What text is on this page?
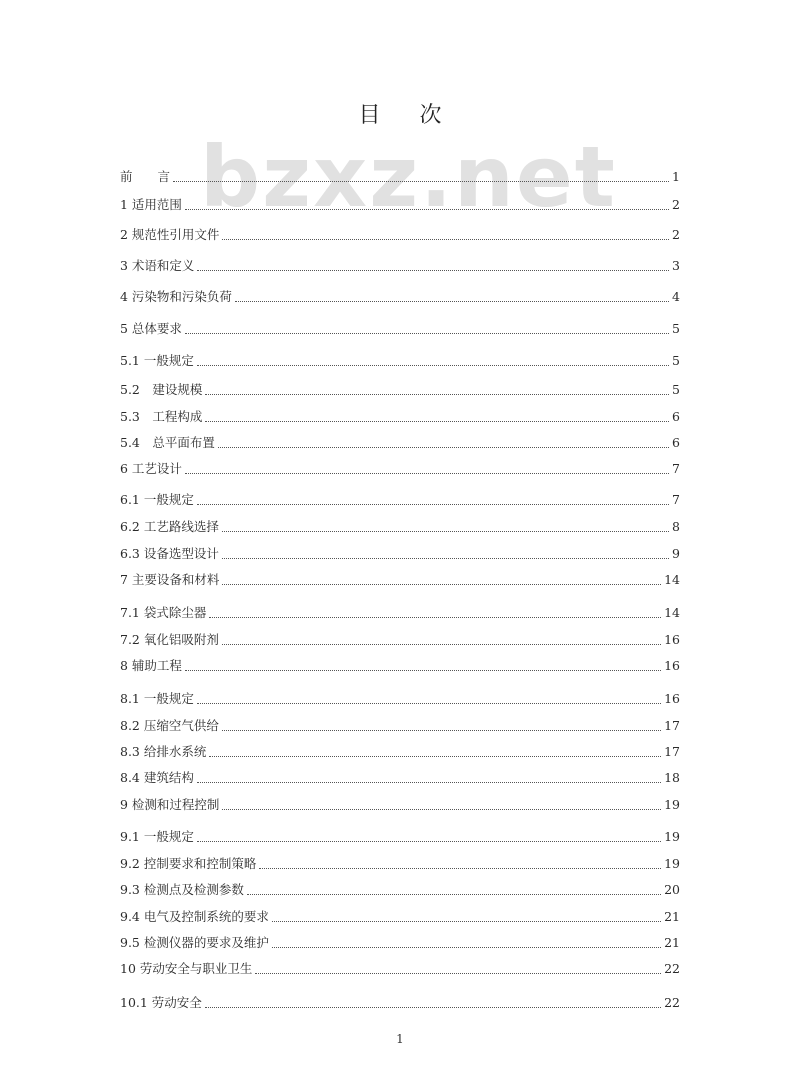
bzxz.net
目 次
前　　言	1
1 适用范围	2
2 规范性引用文件	2
3 术语和定义	3
4 污染物和污染负荷	4
5 总体要求	5
5.1 一般规定	5
5.2　建设规模	5
5.3　工程构成	6
5.4　总平面布置	6
6 工艺设计	7
6.1 一般规定	7
6.2 工艺路线选择	8
6.3 设备选型设计	9
7 主要设备和材料	14
7.1 袋式除尘器	14
7.2 氧化铝吸附剂	16
8 辅助工程	16
8.1 一般规定	16
8.2 压缩空气供给	17
8.3 给排水系统	17
8.4 建筑结构	18
9 检测和过程控制	19
9.1 一般规定	19
9.2 控制要求和控制策略	19
9.3 检测点及检测参数	20
9.4 电气及控制系统的要求	21
9.5 检测仪器的要求及维护	21
10 劳动安全与职业卫生	22
10.1 劳动安全	22
1
